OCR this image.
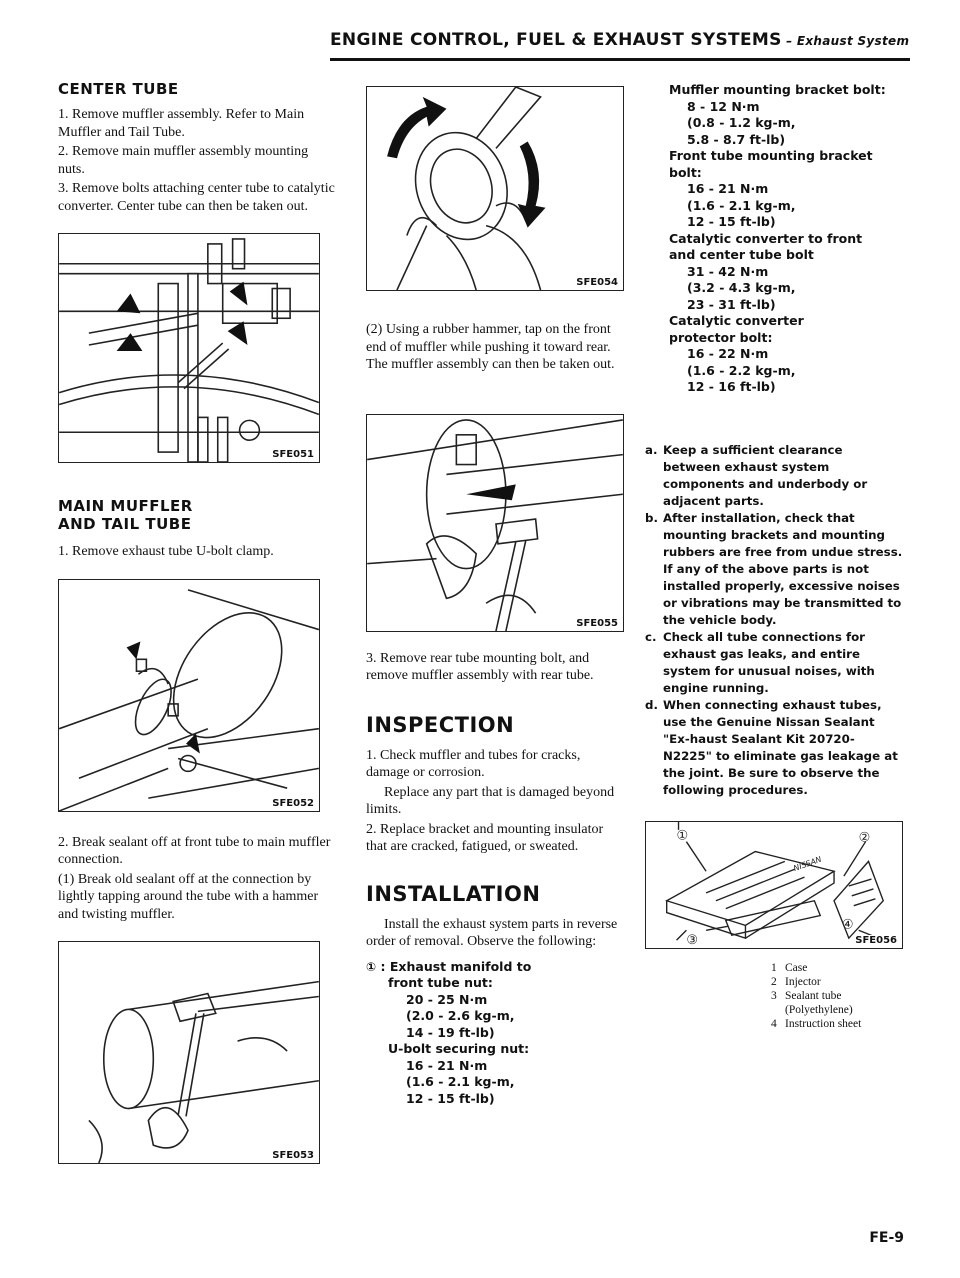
ENGINE CONTROL, FUEL & EXHAUST SYSTEMS – Exhaust System
CENTER TUBE

1. Remove muffler assembly. Refer to Main Muffler and Tail Tube.

2. Remove main muffler assembly mounting nuts.

3. Remove bolts attaching center tube to catalytic converter. Center tube can then be taken out.

SFE051
MAIN MUFFLER
AND TAIL TUBE

1. Remove exhaust tube U-bolt clamp.

SFE052

2. Break sealant off at front tube to main muffler connection.

(1) Break old sealant off at the connection by lightly tapping around the tube with a hammer and twisting muffler.

SFE053
SFE054

(2) Using a rubber hammer, tap on the front end of muffler while pushing it toward rear. The muffler assembly can then be taken out.

SFE055

3. Remove rear tube mounting bolt, and remove muffler assembly with rear tube.

INSPECTION

1. Check muffler and tubes for cracks, damage or corrosion.

Replace any part that is damaged beyond limits.

2. Replace bracket and mounting insulator that are cracked, fatigued, or sweated.

INSTALLATION

Install the exhaust system parts in reverse order of removal. Observe the following:

① : Exhaust manifold to
front tube nut:
20 - 25 N·m
(2.0 - 2.6 kg-m,
14 - 19 ft-lb)
U-bolt securing nut:
16 - 21 N·m
(1.6 - 2.1 kg-m,
12 - 15 ft-lb)
Muffler mounting bracket bolt:
8 - 12 N·m
(0.8 - 1.2 kg-m,
5.8 - 8.7 ft-lb)
Front tube mounting bracket bolt:
16 - 21 N·m
(1.6 - 2.1 kg-m,
12 - 15 ft-lb)
Catalytic converter to front and center tube bolt
31 - 42 N·m
(3.2 - 4.3 kg-m,
23 - 31 ft-lb)
Catalytic converter protector bolt:
16 - 22 N·m
(1.6 - 2.2 kg-m,
12 - 16 ft-lb)
a. Keep a sufficient clearance between exhaust system components and underbody or adjacent parts.
b. After installation, check that mounting brackets and mounting rubbers are free from undue stress. If any of the above parts is not installed properly, excessive noises or vibrations may be transmitted to the vehicle body.
c. Check all tube connections for exhaust gas leaks, and entire system for unusual noises, with engine running.
d. When connecting exhaust tubes, use the Genuine Nissan Sealant "Ex-haust Sealant Kit 20720-N2225" to eliminate gas leakage at the joint. Be sure to observe the following procedures.
NISSAN
①	②
③
④
SFE056
1 Case
2 Injector
3 Sealant tube
(Polyethylene)
4 Instruction sheet
FE-9
